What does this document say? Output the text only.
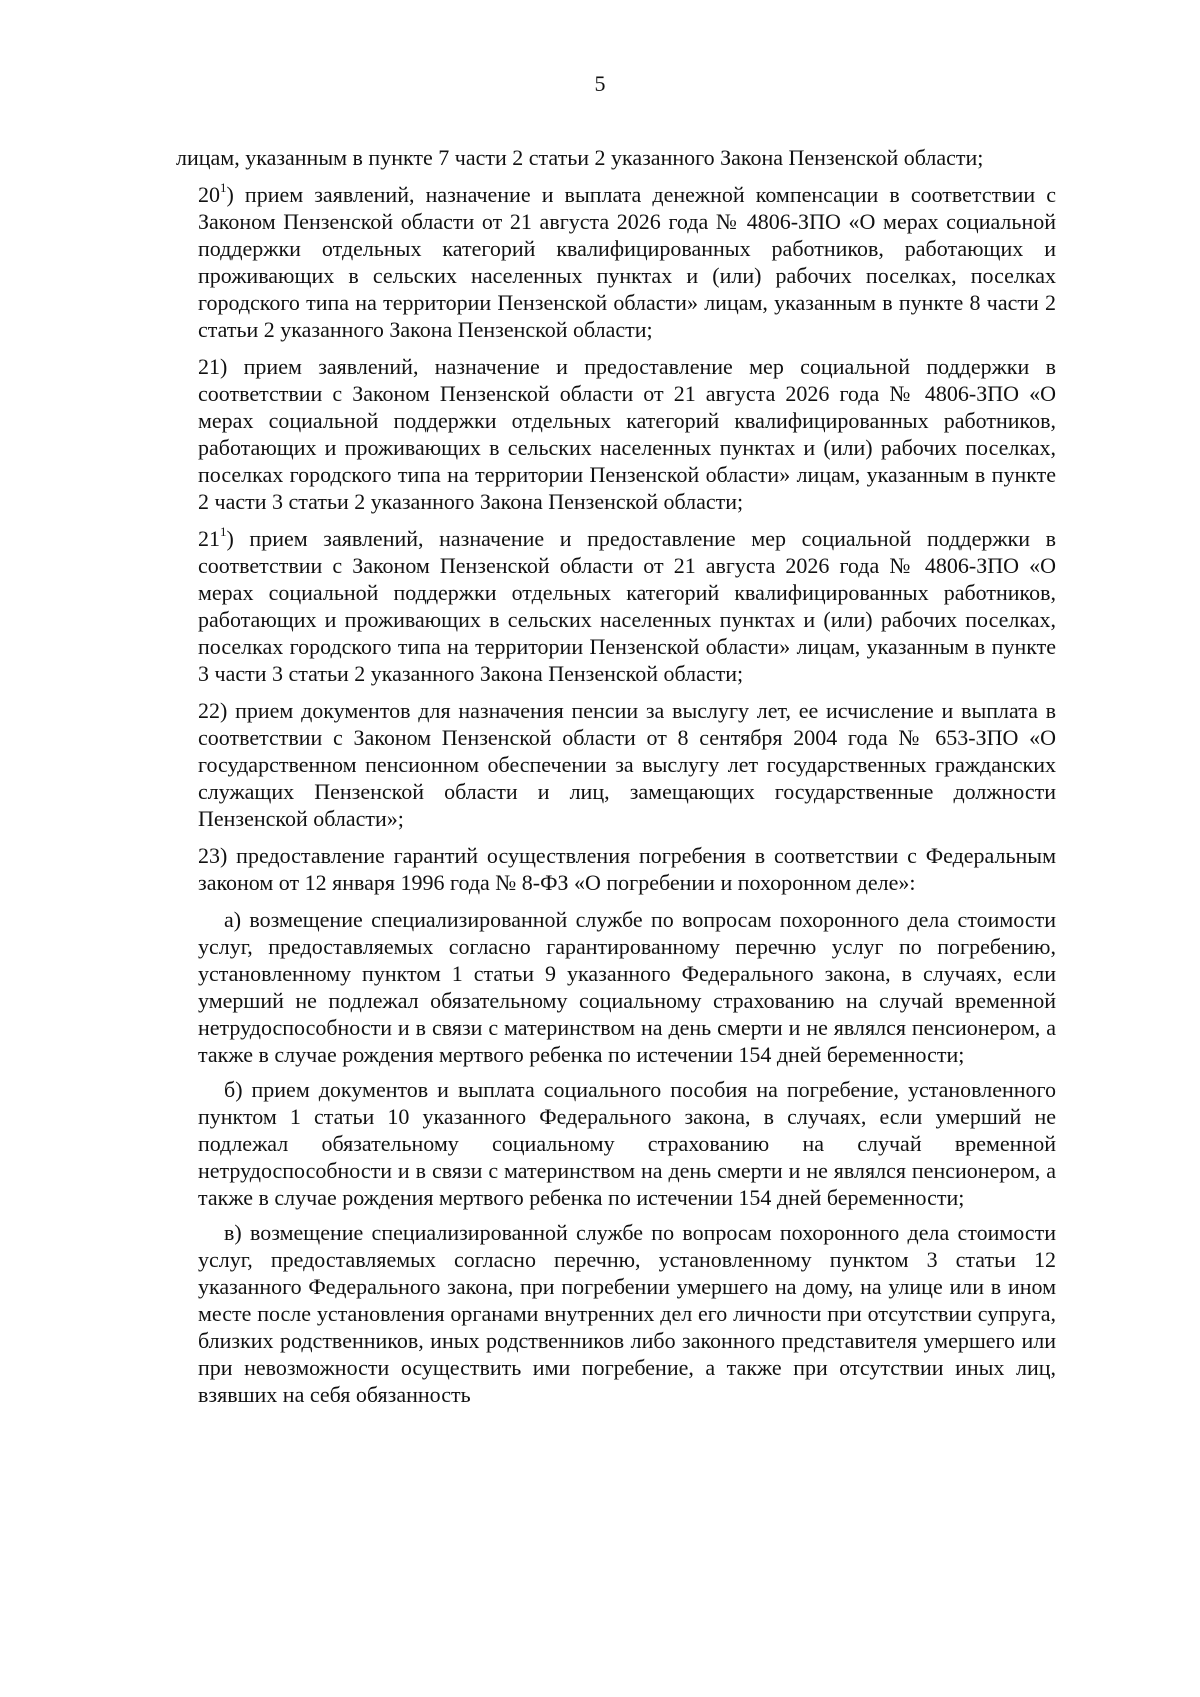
5

лицам, указанным в пункте 7 части 2 статьи 2 указанного Закона Пензенской области;

$20^1$) прием заявлений, назначение и выплата денежной компенсации в соответствии с Законом Пензенской области от 21 августа 2026 года № 4806-ЗПО «О мерах социальной поддержки отдельных категорий квалифицированных работников, работающих и проживающих в сельских населенных пунктах и (или) рабочих поселках, поселках городского типа на территории Пензенской области» лицам, указанным в пункте 8 части 2 статьи 2 указанного Закона Пензенской области;

21) прием заявлений, назначение и предоставление мер социальной поддержки в соответствии с Законом Пензенской области от 21 августа 2026 года № 4806-ЗПО «О мерах социальной поддержки отдельных категорий квалифицированных работников, работающих и проживающих в сельских населенных пунктах и (или) рабочих поселках, поселках городского типа на территории Пензенской области» лицам, указанным в пункте 2 части 3 статьи 2 указанного Закона Пензенской области;

$21^1$) прием заявлений, назначение и предоставление мер социальной поддержки в соответствии с Законом Пензенской области от 21 августа 2026 года № 4806-ЗПО «О мерах социальной поддержки отдельных категорий квалифицированных работников, работающих и проживающих в сельских населенных пунктах и (или) рабочих поселках, поселках городского типа на территории Пензенской области» лицам, указанным в пункте 3 части 3 статьи 2 указанного Закона Пензенской области;

22) прием документов для назначения пенсии за выслугу лет, ее исчисление и выплата в соответствии с Законом Пензенской области от 8 сентября 2004 года № 653-ЗПО «О государственном пенсионном обеспечении за выслугу лет государственных гражданских служащих Пензенской области и лиц, замещающих государственные должности Пензенской области»;

23) предоставление гарантий осуществления погребения в соответствии с Федеральным законом от 12 января 1996 года № 8-ФЗ «О погребении и похоронном деле»:

а) возмещение специализированной службе по вопросам похоронного дела стоимости услуг, предоставляемых согласно гарантированному перечню услуг по погребению, установленному пунктом 1 статьи 9 указанного Федерального закона, в случаях, если умерший не подлежал обязательному социальному страхованию на случай временной нетрудоспособности и в связи с материнством на день смерти и не являлся пенсионером, а также в случае рождения мертвого ребенка по истечении 154 дней беременности;

б) прием документов и выплата социального пособия на погребение, установленного пунктом 1 статьи 10 указанного Федерального закона, в случаях, если умерший не подлежал обязательному социальному страхованию на случай временной нетрудоспособности и в связи с материнством на день смерти и не являлся пенсионером, а также в случае рождения мертвого ребенка по истечении 154 дней беременности;

в) возмещение специализированной службе по вопросам похоронного дела стоимости услуг, предоставляемых согласно перечню, установленному пунктом 3 статьи 12 указанного Федерального закона, при погребении умершего на дому, на улице или в ином месте после установления органами внутренних дел его личности при отсутствии супруга, близких родственников, иных родственников либо законного представителя умершего или при невозможности осуществить ими погребение, а также при отсутствии иных лиц, взявших на себя обязанность
